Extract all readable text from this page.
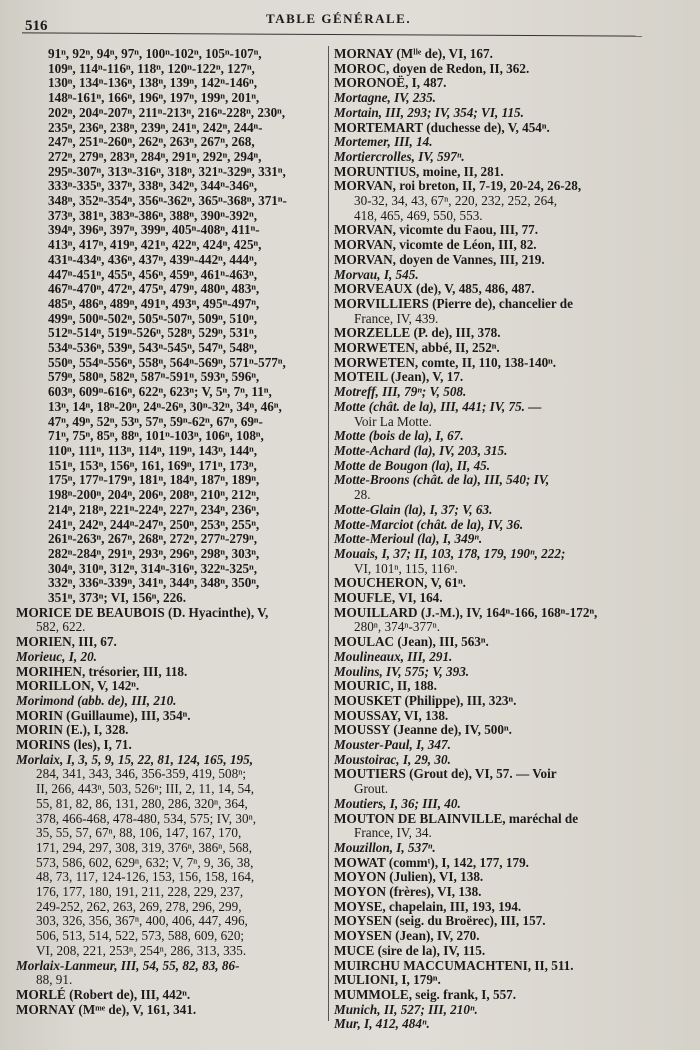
516	TABLE GÉNÉRALE.
91ⁿ, 92ⁿ, 94ⁿ, 97ⁿ, 100ⁿ-102ⁿ, 105ⁿ-107ⁿ,
109ⁿ, 114ⁿ-116ⁿ, 118ⁿ, 120ⁿ-122ⁿ, 127ⁿ,
130ⁿ, 134ⁿ-136ⁿ, 138ⁿ, 139ⁿ, 142ⁿ-146ⁿ,
148ⁿ-161ⁿ, 166ⁿ, 196ⁿ, 197ⁿ, 199ⁿ, 201ⁿ,
202ⁿ, 204ⁿ-207ⁿ, 211ⁿ-213ⁿ, 216ⁿ-228ⁿ, 230ⁿ,
235ⁿ, 236ⁿ, 238ⁿ, 239ⁿ, 241ⁿ, 242ⁿ, 244ⁿ-
247ⁿ, 251ⁿ-260ⁿ, 262ⁿ, 263ⁿ, 267ⁿ, 268,
272ⁿ, 279ⁿ, 283ⁿ, 284ⁿ, 291ⁿ, 292ⁿ, 294ⁿ,
295ⁿ-307ⁿ, 313ⁿ-316ⁿ, 318ⁿ, 321ⁿ-329ⁿ, 331ⁿ,
333ⁿ-335ⁿ, 337ⁿ, 338ⁿ, 342ⁿ, 344ⁿ-346ⁿ,
348ⁿ, 352ⁿ-354ⁿ, 356ⁿ-362ⁿ, 365ⁿ-368ⁿ, 371ⁿ-
373ⁿ, 381ⁿ, 383ⁿ-386ⁿ, 388ⁿ, 390ⁿ-392ⁿ,
394ⁿ, 396ⁿ, 397ⁿ, 399ⁿ, 405ⁿ-408ⁿ, 411ⁿ-
413ⁿ, 417ⁿ, 419ⁿ, 421ⁿ, 422ⁿ, 424ⁿ, 425ⁿ,
431ⁿ-434ⁿ, 436ⁿ, 437ⁿ, 439ⁿ-442ⁿ, 444ⁿ,
447ⁿ-451ⁿ, 455ⁿ, 456ⁿ, 459ⁿ, 461ⁿ-463ⁿ,
467ⁿ-470ⁿ, 472ⁿ, 475ⁿ, 479ⁿ, 480ⁿ, 483ⁿ,
485ⁿ, 486ⁿ, 489ⁿ, 491ⁿ, 493ⁿ, 495ⁿ-497ⁿ,
499ⁿ, 500ⁿ-502ⁿ, 505ⁿ-507ⁿ, 509ⁿ, 510ⁿ,
512ⁿ-514ⁿ, 519ⁿ-526ⁿ, 528ⁿ, 529ⁿ, 531ⁿ,
534ⁿ-536ⁿ, 539ⁿ, 543ⁿ-545ⁿ, 547ⁿ, 548ⁿ,
550ⁿ, 554ⁿ-556ⁿ, 558ⁿ, 564ⁿ-569ⁿ, 571ⁿ-577ⁿ,
579ⁿ, 580ⁿ, 582ⁿ, 587ⁿ-591ⁿ, 593ⁿ, 596ⁿ,
603ⁿ, 609ⁿ-616ⁿ, 622ⁿ, 623ⁿ; V, 5ⁿ, 7ⁿ, 11ⁿ,
13ⁿ, 14ⁿ, 18ⁿ-20ⁿ, 24ⁿ-26ⁿ, 30ⁿ-32ⁿ, 34ⁿ, 46ⁿ,
47ⁿ, 49ⁿ, 52ⁿ, 53ⁿ, 57ⁿ, 59ⁿ-62ⁿ, 67ⁿ, 69ⁿ-
71ⁿ, 75ⁿ, 85ⁿ, 88ⁿ, 101ⁿ-103ⁿ, 106ⁿ, 108ⁿ,
110ⁿ, 111ⁿ, 113ⁿ, 114ⁿ, 119ⁿ, 143ⁿ, 144ⁿ,
151ⁿ, 153ⁿ, 156ⁿ, 161, 169ⁿ, 171ⁿ, 173ⁿ,
175ⁿ, 177ⁿ-179ⁿ, 181ⁿ, 184ⁿ, 187ⁿ, 189ⁿ,
198ⁿ-200ⁿ, 204ⁿ, 206ⁿ, 208ⁿ, 210ⁿ, 212ⁿ,
214ⁿ, 218ⁿ, 221ⁿ-224ⁿ, 227ⁿ, 234ⁿ, 236ⁿ,
241ⁿ, 242ⁿ, 244ⁿ-247ⁿ, 250ⁿ, 253ⁿ, 255ⁿ,
261ⁿ-263ⁿ, 267ⁿ, 268ⁿ, 272ⁿ, 277ⁿ-279ⁿ,
282ⁿ-284ⁿ, 291ⁿ, 293ⁿ, 296ⁿ, 298ⁿ, 303ⁿ,
304ⁿ, 310ⁿ, 312ⁿ, 314ⁿ-316ⁿ, 322ⁿ-325ⁿ,
332ⁿ, 336ⁿ-339ⁿ, 341ⁿ, 344ⁿ, 348ⁿ, 350ⁿ,
351ⁿ, 373ⁿ; VI, 156ⁿ, 226.
MORICE DE BEAUBOIS (D. Hyacinthe), V,
582, 622.
MORIEN, III, 67.
Morieuc, I, 20.
MORIHEN, trésorier, III, 118.
MORILLON, V, 142ⁿ.
Morimond (abb. de), III, 210.
MORIN (Guillaume), III, 354ⁿ.
MORIN (E.), I, 328.
MORINS (les), I, 71.
Morlaix, I, 3, 5, 9, 15, 22, 81, 124, 165, 195,
284, 341, 343, 346, 356-359, 419, 508ⁿ;
II, 266, 443ⁿ, 503, 526ⁿ; III, 2, 11, 14, 54,
55, 81, 82, 86, 131, 280, 286, 320ⁿ, 364,
378, 466-468, 478-480, 534, 575; IV, 30ⁿ,
35, 55, 57, 67ⁿ, 88, 106, 147, 167, 170,
171, 294, 297, 308, 319, 376ⁿ, 386ⁿ, 568,
573, 586, 602, 629ⁿ, 632; V, 7ⁿ, 9, 36, 38,
48, 73, 117, 124-126, 153, 156, 158, 164,
176, 177, 180, 191, 211, 228, 229, 237,
249-252, 262, 263, 269, 278, 296, 299,
303, 326, 356, 367ⁿ, 400, 406, 447, 496,
506, 513, 514, 522, 573, 588, 609, 620;
VI, 208, 221, 253ⁿ, 254ⁿ, 286, 313, 335.
Morlaix-Lanmeur, III, 54, 55, 82, 83, 86-
88, 91.
MORLÉ (Robert de), III, 442ⁿ.
MORNAY (Mᵐᵉ de), V, 161, 341.
MORNAY (Mˡˡᵉ de), VI, 167.
MOROC, doyen de Redon, II, 362.
MORONOË, I, 487.
Mortagne, IV, 235.
Mortain, III, 293; IV, 354; VI, 115.
MORTEMART (duchesse de), V, 454ⁿ.
Mortemer, III, 14.
Mortiercrolles, IV, 597ⁿ.
MORUNTIUS, moine, II, 281.
MORVAN, roi breton, II, 7-19, 20-24, 26-28,
30-32, 34, 43, 67ⁿ, 220, 232, 252, 264,
418, 465, 469, 550, 553.
MORVAN, vicomte du Faou, III, 77.
MORVAN, vicomte de Léon, III, 82.
MORVAN, doyen de Vannes, III, 219.
Morvau, I, 545.
MORVEAUX (de), V, 485, 486, 487.
MORVILLIERS (Pierre de), chancelier de
France, IV, 439.
MORZELLE (P. de), III, 378.
MORWETEN, abbé, II, 252ⁿ.
MORWETEN, comte, II, 110, 138-140ⁿ.
MOTEIL (Jean), V, 17.
Motreff, III, 79ⁿ; V, 508.
Motte (chât. de la), III, 441; IV, 75. —
Voir La Motte.
Motte (bois de la), I, 67.
Motte-Achard (la), IV, 203, 315.
Motte de Bougon (la), II, 45.
Motte-Broons (chât. de la), III, 540; IV,
28.
Motte-Glain (la), I, 37; V, 63.
Motte-Marciot (chât. de la), IV, 36.
Motte-Merioul (la), I, 349ⁿ.
Mouais, I, 37; II, 103, 178, 179, 190ⁿ, 222;
VI, 101ⁿ, 115, 116ⁿ.
MOUCHERON, V, 61ⁿ.
MOUFLE, VI, 164.
MOUILLARD (J.-M.), IV, 164ⁿ-166, 168ⁿ-172ⁿ,
280ⁿ, 374ⁿ-377ⁿ.
MOULAC (Jean), III, 563ⁿ.
Moulineaux, III, 291.
Moulins, IV, 575; V, 393.
MOURIC, II, 188.
MOUSKET (Philippe), III, 323ⁿ.
MOUSSAY, VI, 138.
MOUSSY (Jeanne de), IV, 500ⁿ.
Mouster-Paul, I, 347.
Moustoirac, I, 29, 30.
MOUTIERS (Grout de), VI, 57. — Voir
Grout.
Moutiers, I, 36; III, 40.
MOUTON DE BLAINVILLE, maréchal de
France, IV, 34.
Mouzillon, I, 537ⁿ.
MOWAT (commᵗ), I, 142, 177, 179.
MOYON (Julien), VI, 138.
MOYON (frères), VI, 138.
MOYSE, chapelain, III, 193, 194.
MOYSEN (seig. du Broërec), III, 157.
MOYSEN (Jean), IV, 270.
MUCE (sire de la), IV, 115.
MUIRCHU MACCUMACHTENI, II, 511.
MULIONI, I, 179ⁿ.
MUMMOLE, seig. frank, I, 557.
Munich, II, 527; III, 210ⁿ.
Mur, I, 412, 484ⁿ.
